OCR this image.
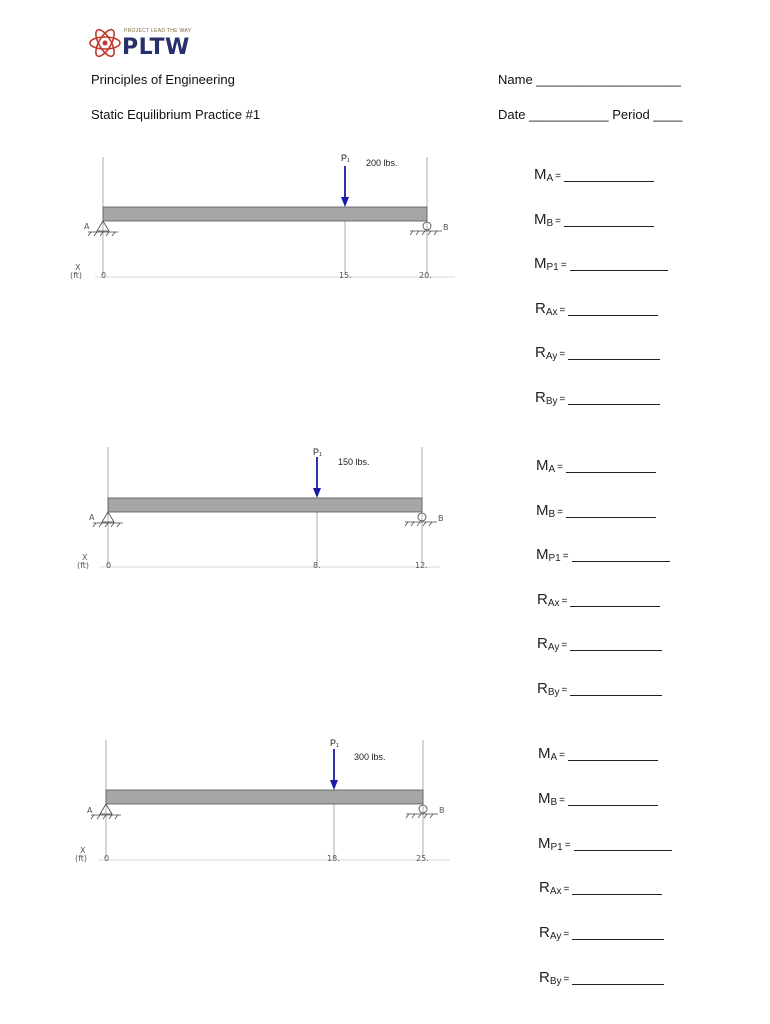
PROJECT LEAD THE WAY
PLTW
Principles of Engineering	Name ____________________
Static Equilibrium Practice #1	Date ___________ Period ____
P₁ 200 lbs.
A	B
X
(ft) 0	15.	20.
P₁
150 lbs.
A	B
X
(ft) 0	8.	12.
P₁
300 lbs.
A	B
X
(ft) 0	18.	25.
$M_A$ =
$M_B$ =
$M_{P1}$ =
$R_{Ax}$ =
$R_{Ay}$ =
$R_{By}$ =
$M_A$ =
$M_B$ =
$M_{P1}$ =
$R_{Ax}$ =
$R_{Ay}$ =
$R_{By}$ =
$M_A$ =
$M_B$ =
$M_{P1}$ =
$R_{Ax}$ =
$R_{Ay}$ =
$R_{By}$ =
